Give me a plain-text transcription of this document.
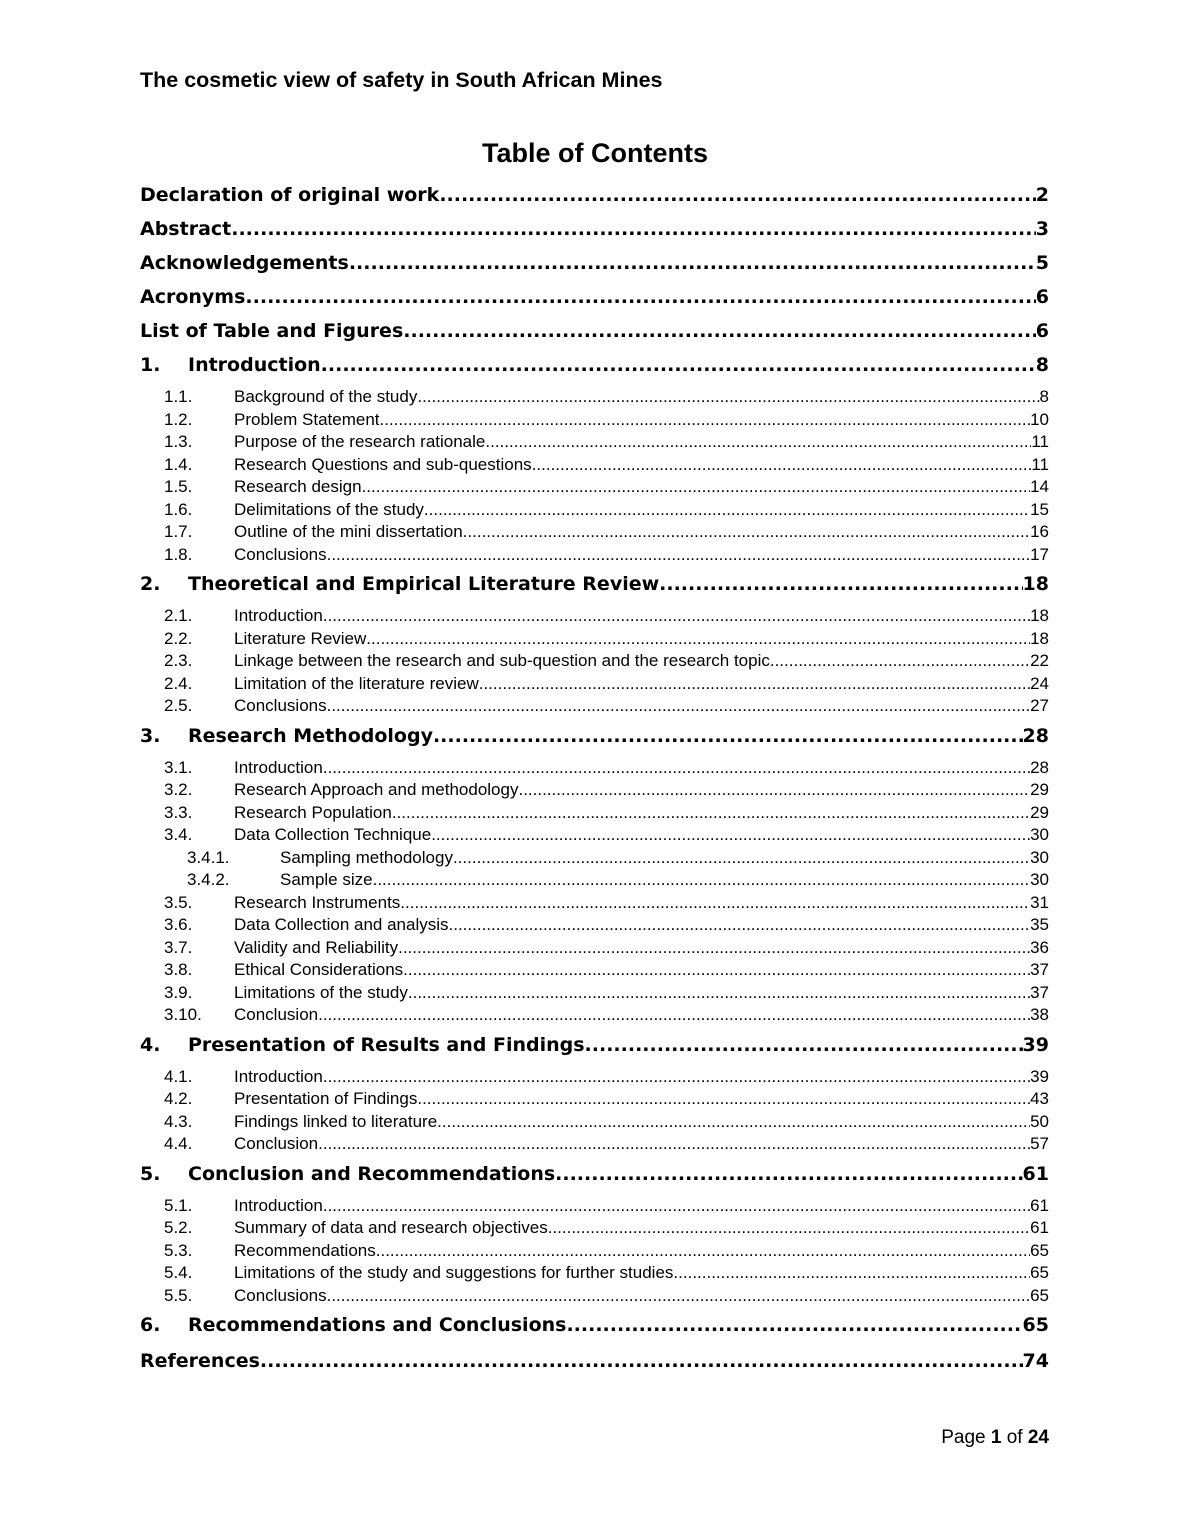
The cosmetic view of safety in South African Mines
Table of Contents
Declaration of original work .....	2
Abstract .....	3
Acknowledgements .....	5
Acronyms .....	6
List of Table and Figures .....	6
1.	Introduction .....	8
1.1.	Background of the study .....	8
1.2.	Problem Statement .....	10
1.3.	Purpose of the research rationale .....	11
1.4.	Research Questions and sub-questions .....	11
1.5.	Research design .....	14
1.6.	Delimitations of the study .....	15
1.7.	Outline of the mini dissertation .....	16
1.8.	Conclusions .....	17
2.	Theoretical and Empirical Literature Review .....	18
2.1.	Introduction .....	18
2.2.	Literature Review .....	18
2.3.	Linkage between the research and sub-question and the research topic .....	22
2.4.	Limitation of the literature review .....	24
2.5.	Conclusions .....	27
3.	Research Methodology .....	28
3.1.	Introduction .....	28
3.2.	Research Approach and methodology .....	29
3.3.	Research Population .....	29
3.4.	Data Collection Technique .....	30
3.4.1.	Sampling methodology .....	30
3.4.2.	Sample size .....	30
3.5.	Research Instruments .....	31
3.6.	Data Collection and analysis .....	35
3.7.	Validity and Reliability .....	36
3.8.	Ethical Considerations .....	37
3.9.	Limitations of the study .....	37
3.10.	Conclusion .....	38
4.	Presentation of Results and Findings .....	39
4.1.	Introduction .....	39
4.2.	Presentation of Findings .....	43
4.3.	Findings linked to literature .....	50
4.4.	Conclusion .....	57
5.	Conclusion and Recommendations .....	61
5.1.	Introduction .....	61
5.2.	Summary of data and research objectives .....	61
5.3.	Recommendations .....	65
5.4.	Limitations of the study and suggestions for further studies .....	65
5.5.	Conclusions .....	65
6.	Recommendations and Conclusions .....	65
References .....	74
Page 1 of 24
